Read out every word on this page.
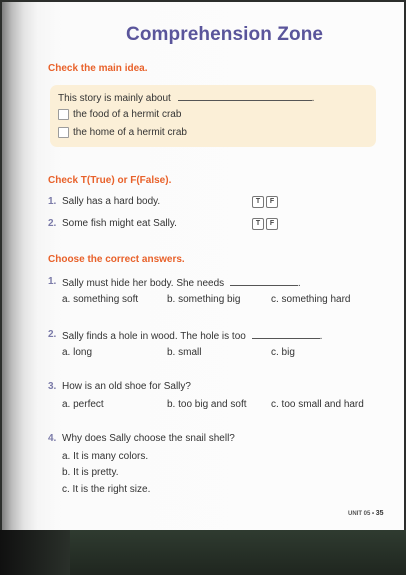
Comprehension Zone
Check the main idea.
This story is mainly about	.
the food of a hermit crab
the home of a hermit crab
Check T(True) or F(False).
1. Sally has a hard body.	T	F
2. Some fish might eat Sally.	T	F
Choose the correct answers.
1. Sally must hide her body. She needs	.
a. something soft	b. something big	c. something hard
2. Sally finds a hole in wood. The hole is too	.
a. long	b. small	c. big
3. How is an old shoe for Sally?
a. perfect	b. too big and soft c. too small and hard
4. Why does Sally choose the snail shell?
a. It is many colors.
b. It is pretty.
c. It is the right size.
UNIT 05 • 35
